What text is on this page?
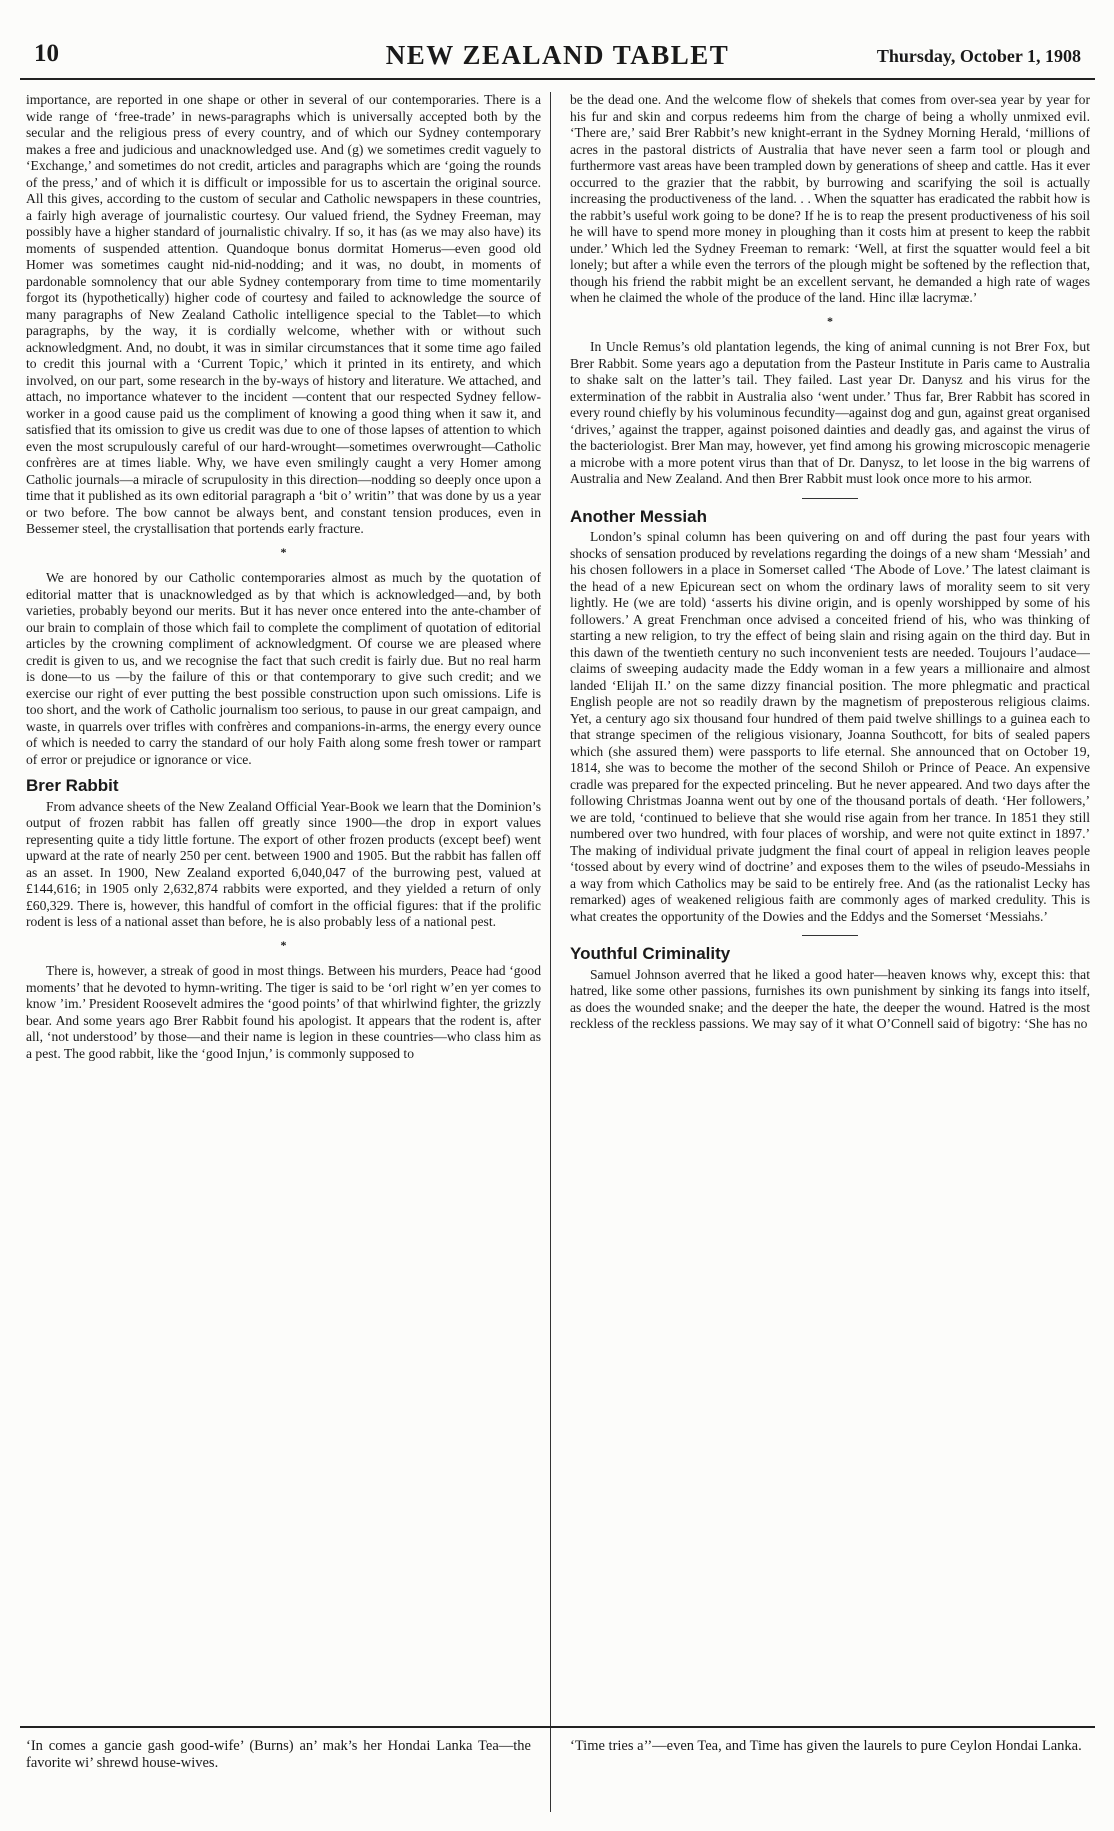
10	NEW ZEALAND TABLET	Thursday, October 1, 1908

importance, are reported in one shape or other in several of our contemporaries. There is a wide range of ‘free-trade’ in news-paragraphs which is universally accepted both by the secular and the religious press of every country, and of which our Sydney contemporary makes a free and judicious and unacknowledged use. And (g) we sometimes credit vaguely to ‘Exchange,’ and sometimes do not credit, articles and paragraphs which are ‘going the rounds of the press,’ and of which it is difficult or impossible for us to ascertain the original source. All this gives, according to the custom of secular and Catholic newspapers in these countries, a fairly high average of journalistic courtesy. Our valued friend, the Sydney Freeman, may possibly have a higher standard of journalistic chivalry. If so, it has (as we may also have) its moments of suspended attention. Quandoque bonus dormitat Homerus—even good old Homer was sometimes caught nid-nid-nodding; and it was, no doubt, in moments of pardonable somnolency that our able Sydney contemporary from time to time momentarily forgot its (hypothetically) higher code of courtesy and failed to acknowledge the source of many paragraphs of New Zealand Catholic intelligence special to the Tablet—to which paragraphs, by the way, it is cordially welcome, whether with or without such acknowledgment. And, no doubt, it was in similar circumstances that it some time ago failed to credit this journal with a ‘Current Topic,’ which it printed in its entirety, and which involved, on our part, some research in the by-ways of history and literature. We attached, and attach, no importance whatever to the incident —content that our respected Sydney fellow-worker in a good cause paid us the compliment of knowing a good thing when it saw it, and satisfied that its omission to give us credit was due to one of those lapses of attention to which even the most scrupulously careful of our hard-wrought—sometimes overwrought—Catholic confrères are at times liable. Why, we have even smilingly caught a very Homer among Catholic journals—a miracle of scrupulosity in this direction—nodding so deeply once upon a time that it published as its own editorial paragraph a ‘bit o’ writin’’ that was done by us a year or two before. The bow cannot be always bent, and constant tension produces, even in Bessemer steel, the crystallisation that portends early fracture.

*

We are honored by our Catholic contemporaries almost as much by the quotation of editorial matter that is unacknowledged as by that which is acknowledged—and, by both varieties, probably beyond our merits. But it has never once entered into the ante-chamber of our brain to complain of those which fail to complete the compliment of quotation of editorial articles by the crowning compliment of acknowledgment. Of course we are pleased where credit is given to us, and we recognise the fact that such credit is fairly due. But no real harm is done—to us —by the failure of this or that contemporary to give such credit; and we exercise our right of ever putting the best possible construction upon such omissions. Life is too short, and the work of Catholic journalism too serious, to pause in our great campaign, and waste, in quarrels over trifles with confrères and companions-in-arms, the energy every ounce of which is needed to carry the standard of our holy Faith along some fresh tower or rampart of error or prejudice or ignorance or vice.

Brer Rabbit

From advance sheets of the New Zealand Official Year-Book we learn that the Dominion’s output of frozen rabbit has fallen off greatly since 1900—the drop in export values representing quite a tidy little fortune. The export of other frozen products (except beef) went upward at the rate of nearly 250 per cent. between 1900 and 1905. But the rabbit has fallen off as an asset. In 1900, New Zealand exported 6,040,047 of the burrowing pest, valued at £144,616; in 1905 only 2,632,874 rabbits were exported, and they yielded a return of only £60,329. There is, however, this handful of comfort in the official figures: that if the prolific rodent is less of a national asset than before, he is also probably less of a national pest.

*

There is, however, a streak of good in most things. Between his murders, Peace had ‘good moments’ that he devoted to hymn-writing. The tiger is said to be ‘orl right w’en yer comes to know ’im.’ President Roosevelt admires the ‘good points’ of that whirlwind fighter, the grizzly bear. And some years ago Brer Rabbit found his apologist. It appears that the rodent is, after all, ‘not understood’ by those—and their name is legion in these countries—who class him as a pest. The good rabbit, like the ‘good Injun,’ is commonly supposed to

be the dead one. And the welcome flow of shekels that comes from over-sea year by year for his fur and skin and corpus redeems him from the charge of being a wholly unmixed evil. ‘There are,’ said Brer Rabbit’s new knight-errant in the Sydney Morning Herald, ‘millions of acres in the pastoral districts of Australia that have never seen a farm tool or plough and furthermore vast areas have been trampled down by generations of sheep and cattle. Has it ever occurred to the grazier that the rabbit, by burrowing and scarifying the soil is actually increasing the productiveness of the land. . . When the squatter has eradicated the rabbit how is the rabbit’s useful work going to be done? If he is to reap the present productiveness of his soil he will have to spend more money in ploughing than it costs him at present to keep the rabbit under.’ Which led the Sydney Freeman to remark: ‘Well, at first the squatter would feel a bit lonely; but after a while even the terrors of the plough might be softened by the reflection that, though his friend the rabbit might be an excellent servant, he demanded a high rate of wages when he claimed the whole of the produce of the land. Hinc illæ lacrymæ.’

*

In Uncle Remus’s old plantation legends, the king of animal cunning is not Brer Fox, but Brer Rabbit. Some years ago a deputation from the Pasteur Institute in Paris came to Australia to shake salt on the latter’s tail. They failed. Last year Dr. Danysz and his virus for the extermination of the rabbit in Australia also ‘went under.’ Thus far, Brer Rabbit has scored in every round chiefly by his voluminous fecundity—against dog and gun, against great organised ‘drives,’ against the trapper, against poisoned dainties and deadly gas, and against the virus of the bacteriologist. Brer Man may, however, yet find among his growing microscopic menagerie a microbe with a more potent virus than that of Dr. Danysz, to let loose in the big warrens of Australia and New Zealand. And then Brer Rabbit must look once more to his armor.

Another Messiah

London’s spinal column has been quivering on and off during the past four years with shocks of sensation produced by revelations regarding the doings of a new sham ‘Messiah’ and his chosen followers in a place in Somerset called ‘The Abode of Love.’ The latest claimant is the head of a new Epicurean sect on whom the ordinary laws of morality seem to sit very lightly. He (we are told) ‘asserts his divine origin, and is openly worshipped by some of his followers.’ A great Frenchman once advised a conceited friend of his, who was thinking of starting a new religion, to try the effect of being slain and rising again on the third day. But in this dawn of the twentieth century no such inconvenient tests are needed. Toujours l’audace—claims of sweeping audacity made the Eddy woman in a few years a millionaire and almost landed ‘Elijah II.’ on the same dizzy financial position. The more phlegmatic and practical English people are not so readily drawn by the magnetism of preposterous religious claims. Yet, a century ago six thousand four hundred of them paid twelve shillings to a guinea each to that strange specimen of the religious visionary, Joanna Southcott, for bits of sealed papers which (she assured them) were passports to life eternal. She announced that on October 19, 1814, she was to become the mother of the second Shiloh or Prince of Peace. An expensive cradle was prepared for the expected princeling. But he never appeared. And two days after the following Christmas Joanna went out by one of the thousand portals of death. ‘Her followers,’ we are told, ‘continued to believe that she would rise again from her trance. In 1851 they still numbered over two hundred, with four places of worship, and were not quite extinct in 1897.’ The making of individual private judgment the final court of appeal in religion leaves people ‘tossed about by every wind of doctrine’ and exposes them to the wiles of pseudo-Messiahs in a way from which Catholics may be said to be entirely free. And (as the rationalist Lecky has remarked) ages of weakened religious faith are commonly ages of marked credulity. This is what creates the opportunity of the Dowies and the Eddys and the Somerset ‘Messiahs.’

Youthful Criminality

Samuel Johnson averred that he liked a good hater—heaven knows why, except this: that hatred, like some other passions, furnishes its own punishment by sinking its fangs into itself, as does the wounded snake; and the deeper the hate, the deeper the wound. Hatred is the most reckless of the reckless passions. We may say of it what O’Connell said of bigotry: ‘She has no

‘In comes a gancie gash good-wife’ (Burns) an’ mak’s her Hondai Lanka Tea—the favorite wi’ shrewd house-wives.
‘Time tries a’’—even Tea, and Time has given the laurels to pure Ceylon Hondai Lanka.
